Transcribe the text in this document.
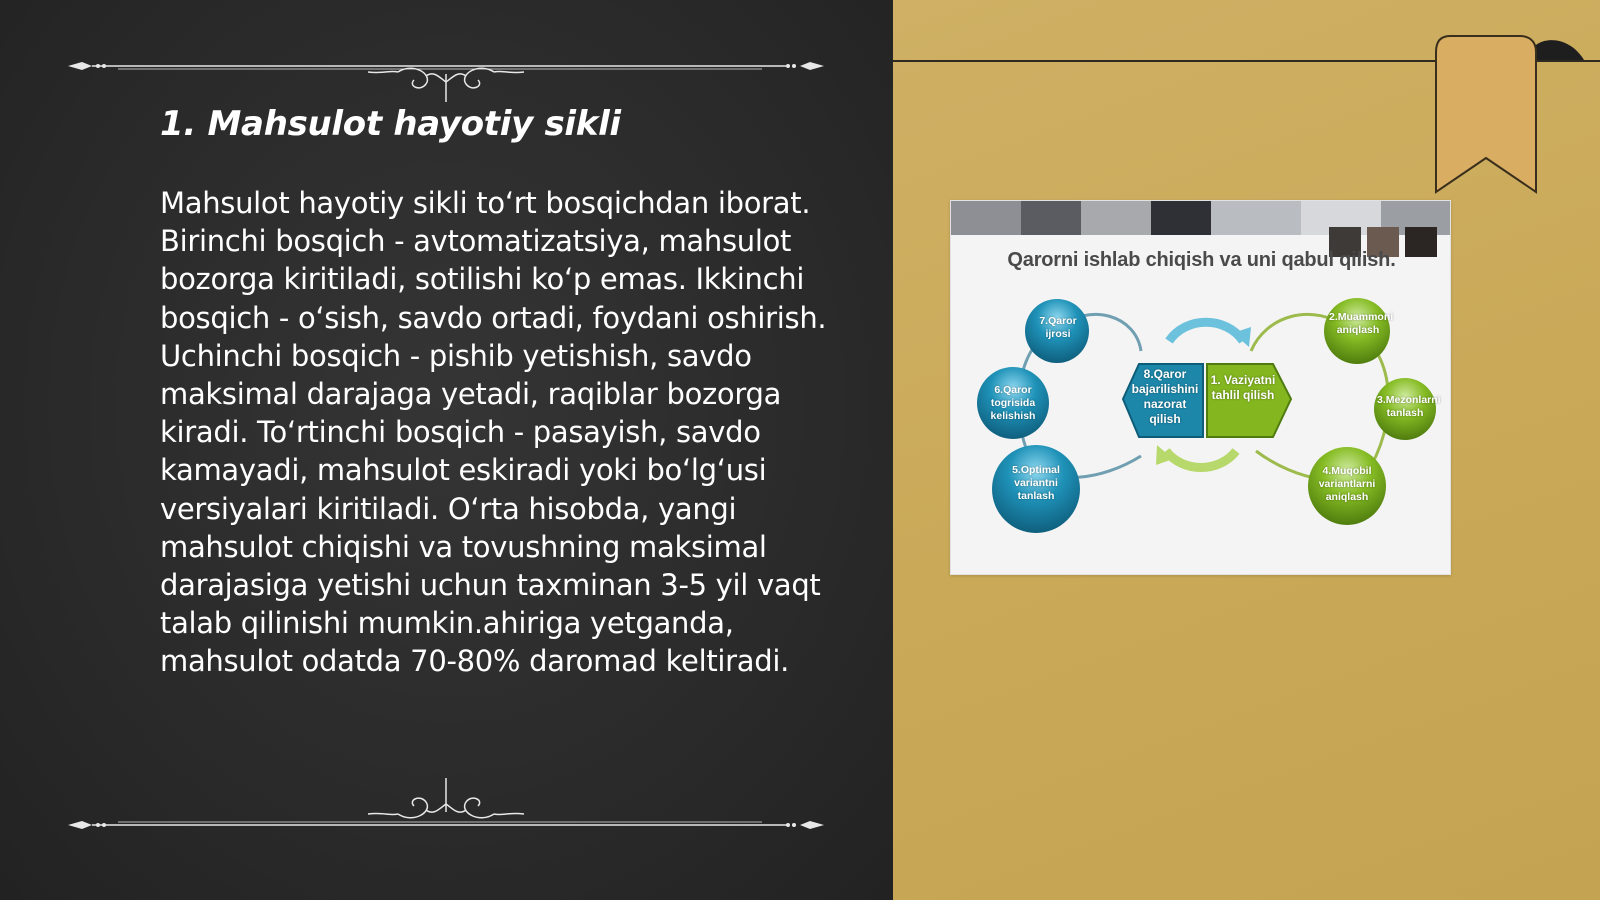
1. Mahsulot hayotiy sikli
Mahsulot hayotiy sikli to‘rt bosqichdan iborat. Birinchi bosqich - avtomatizatsiya, mahsulot bozorga kiritiladi, sotilishi ko‘p emas. Ikkinchi bosqich - o‘sish, savdo ortadi, foydani oshirish. Uchinchi bosqich - pishib yetishish, savdo maksimal darajaga yetadi, raqiblar bozorga kiradi. To‘rtinchi bosqich - pasayish, savdo kamayadi, mahsulot eskiradi yoki bo‘lg‘usi versiyalari kiritiladi. O‘rta hisobda, yangi mahsulot chiqishi va tovushning maksimal darajasiga yetishi uchun taxminan 3-5 yil vaqt talab qilinishi mumkin.ahiriga yetganda, mahsulot odatda 70-80% daromad keltiradi.
Qarorni ishlab chiqish va uni qabul qilish.
7.Qaror ijrosi
6.Qaror togrisida kelishish
5.Optimal variantni tanlash
8.Qaror bajarilishini nazorat qilish
1. Vaziyatni tahlil qilish
2.Muammoni aniqlash
3.Mezonlarni tanlash
4.Muqobil variantlarni aniqlash
